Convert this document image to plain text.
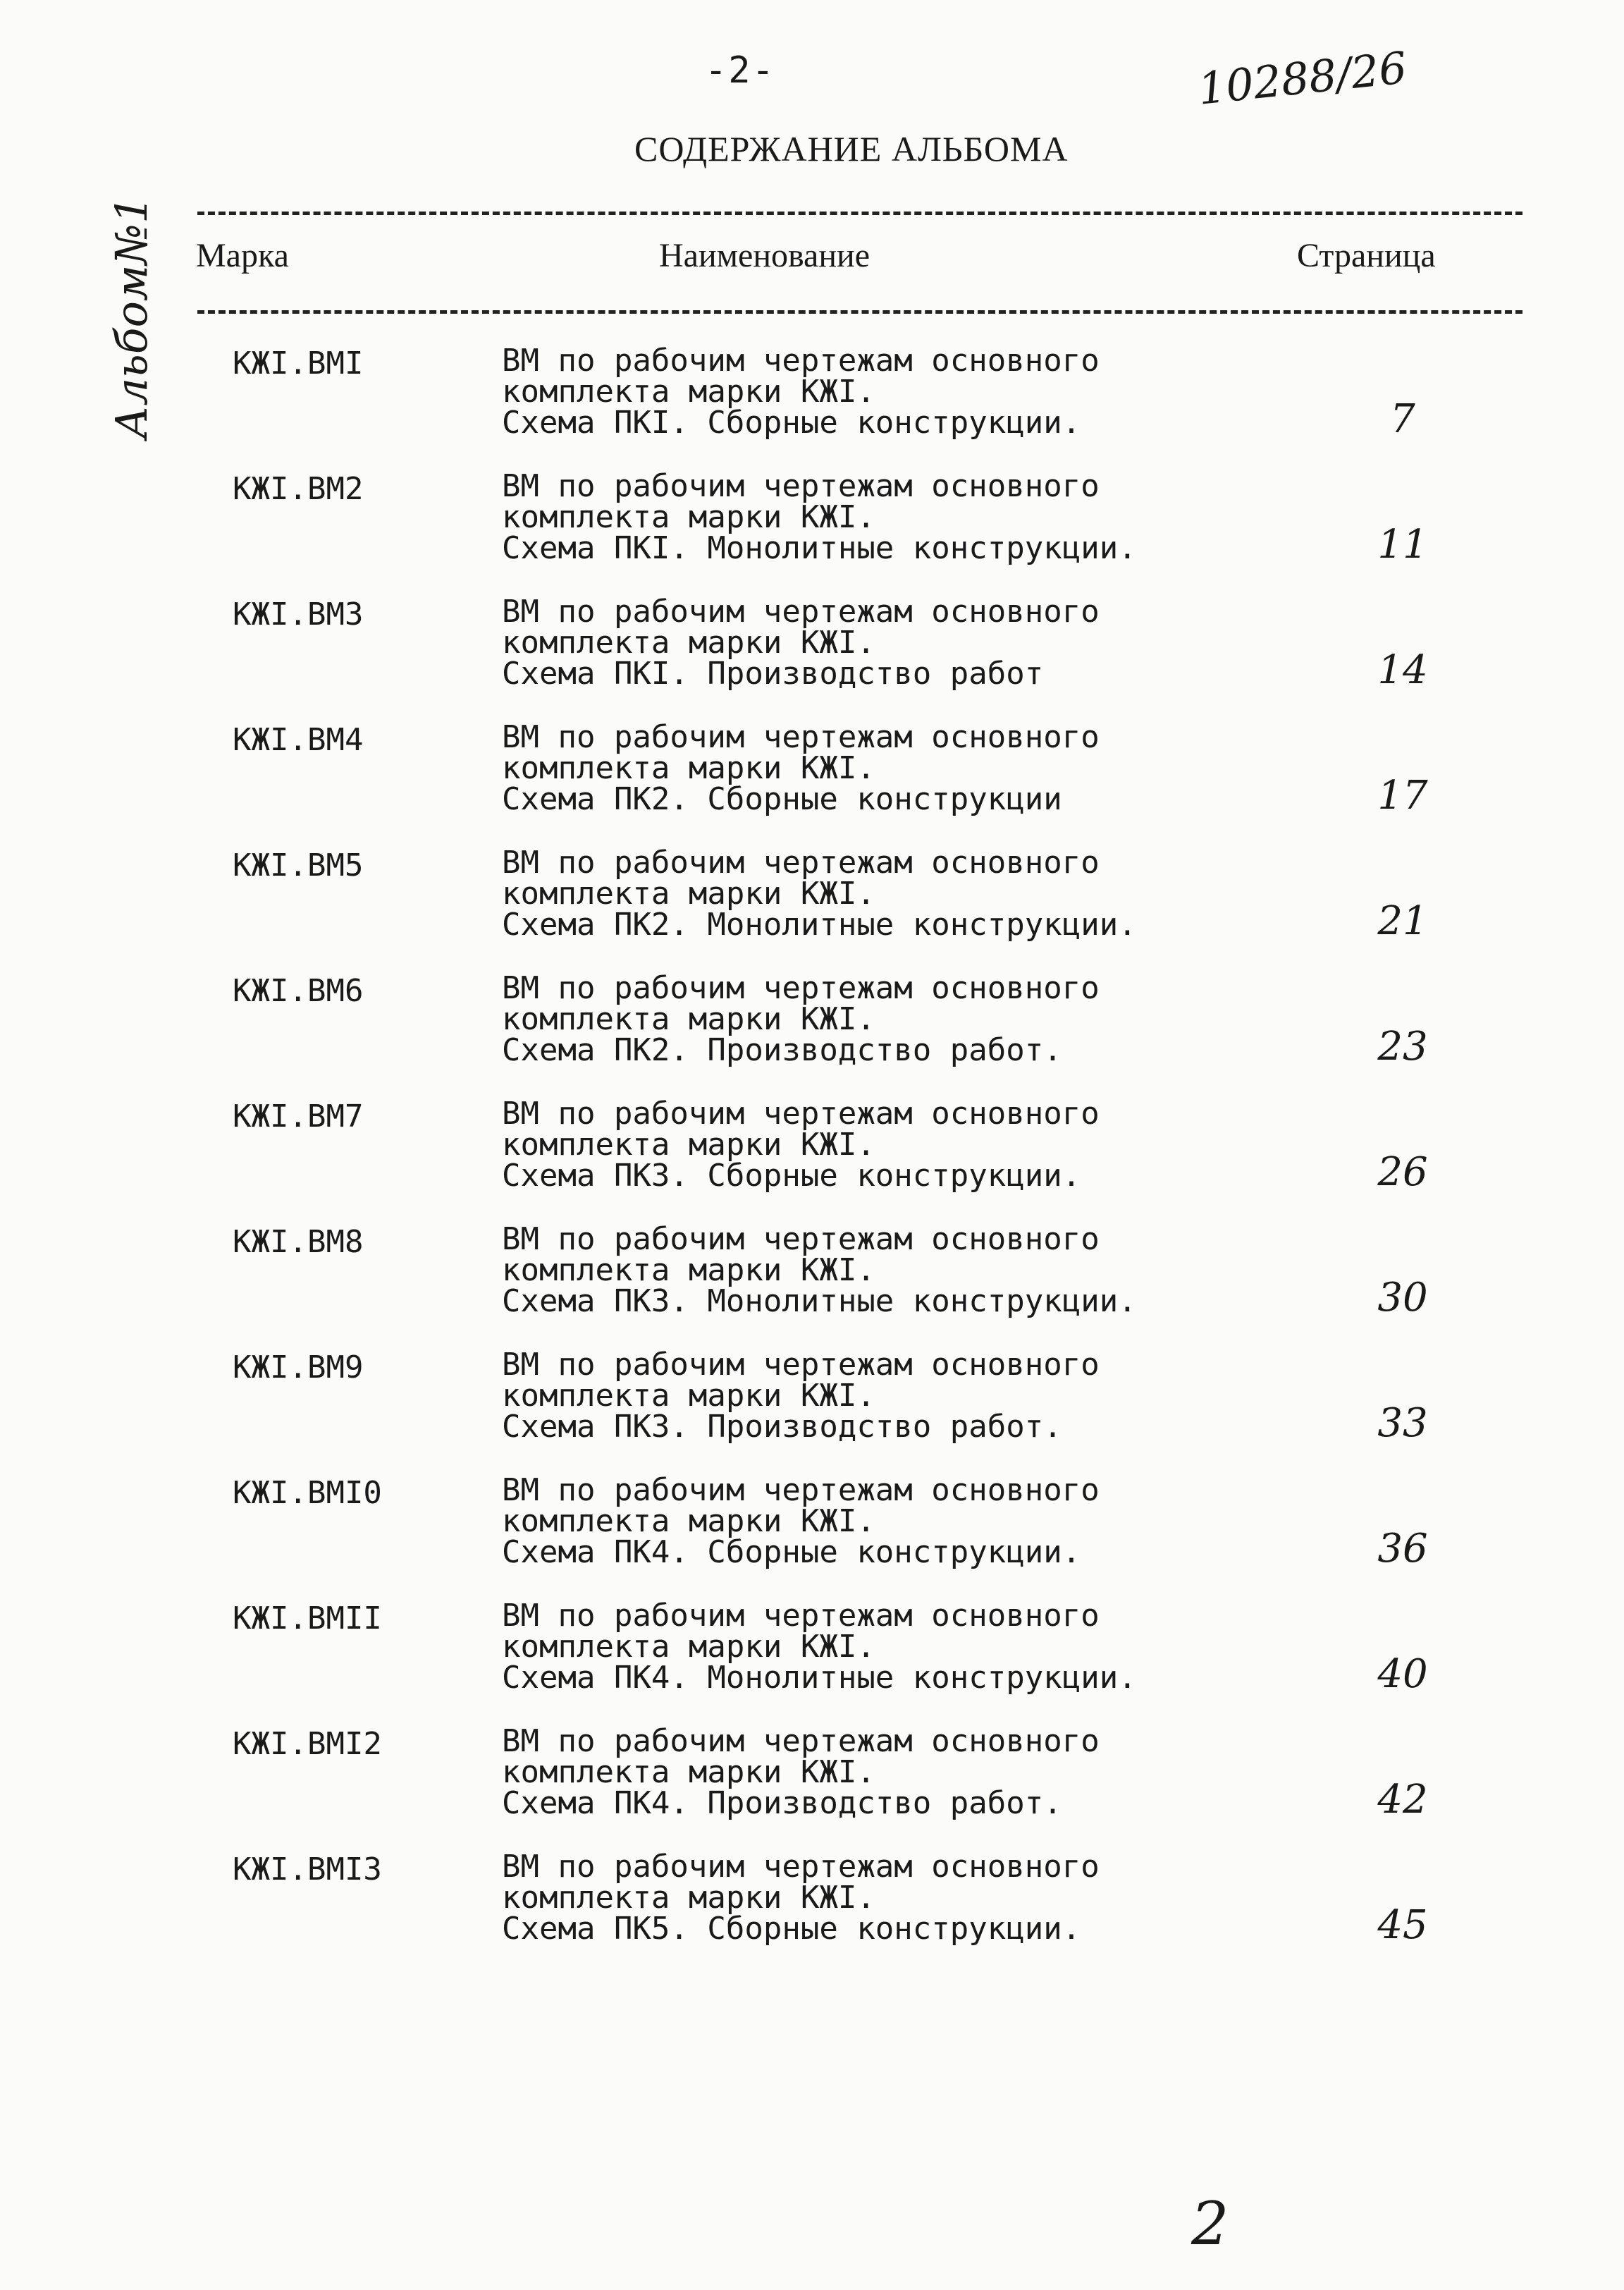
-2-	10288/26
СОДЕРЖАНИЕ АЛЬБОМА
Марка	Наименование	Страница
Альбом№1 КЖI.ВМI	ВМ по рабочим чертежам основного
комплекта марки КЖI.
Схема ПКI. Сборные конструкции.	7
КЖI.ВМ2	ВМ по рабочим чертежам основного
комплекта марки КЖI.
Схема ПКI. Монолитные конструкции.	11
КЖI.ВМ3	ВМ по рабочим чертежам основного
комплекта марки КЖI.
Схема ПКI. Производство работ	14
КЖI.ВМ4	ВМ по рабочим чертежам основного
комплекта марки КЖI.
Схема ПК2. Сборные конструкции	17
КЖI.ВМ5	ВМ по рабочим чертежам основного
комплекта марки КЖI.
Схема ПК2. Монолитные конструкции.	21
КЖI.ВМ6	ВМ по рабочим чертежам основного
комплекта марки КЖI.
Схема ПК2. Производство работ.	23
КЖI.ВМ7	ВМ по рабочим чертежам основного
комплекта марки КЖI.
Схема ПК3. Сборные конструкции.	26
КЖI.ВМ8	ВМ по рабочим чертежам основного
комплекта марки КЖI.
Схема ПК3. Монолитные конструкции.	30
КЖI.ВМ9	ВМ по рабочим чертежам основного
комплекта марки КЖI.
Схема ПК3. Производство работ.	33
КЖI.ВМI0	ВМ по рабочим чертежам основного
комплекта марки КЖI.
Схема ПК4. Сборные конструкции.	36
КЖI.ВМII	ВМ по рабочим чертежам основного
комплекта марки КЖI.
Схема ПК4. Монолитные конструкции.	40
КЖI.ВМI2	ВМ по рабочим чертежам основного
комплекта марки КЖI.
Схема ПК4. Производство работ.	42
КЖI.ВМI3	ВМ по рабочим чертежам основного
комплекта марки КЖI.
Схема ПК5. Сборные конструкции.	45
2
